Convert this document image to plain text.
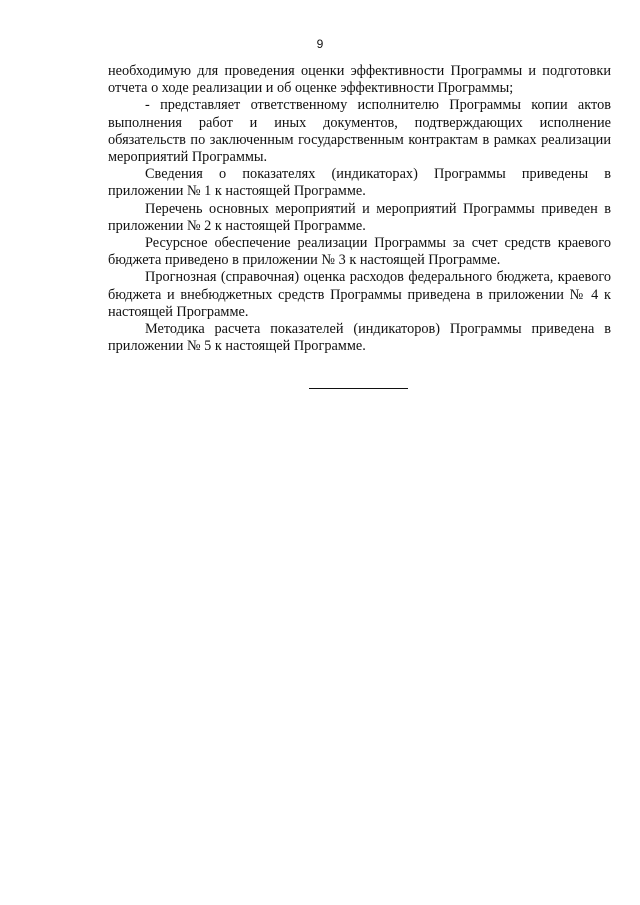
9

необходимую для проведения оценки эффективности Программы и подготовки отчета о ходе реализации и об оценке эффективности Программы;

- представляет ответственному исполнителю Программы копии актов выполнения работ и иных документов, подтверждающих исполнение обязательств по заключенным государственным контрактам в рамках реализации мероприятий Программы.

Сведения о показателях (индикаторах) Программы приведены в приложении № 1 к настоящей Программе.

Перечень основных мероприятий и мероприятий Программы приведен в приложении № 2 к настоящей Программе.

Ресурсное обеспечение реализации Программы за счет средств краевого бюджета приведено в приложении № 3 к настоящей Программе.

Прогнозная (справочная) оценка расходов федерального бюджета, краевого бюджета и внебюджетных средств Программы приведена в приложении № 4 к настоящей Программе.

Методика расчета показателей (индикаторов) Программы приведена в приложении № 5 к настоящей Программе.
